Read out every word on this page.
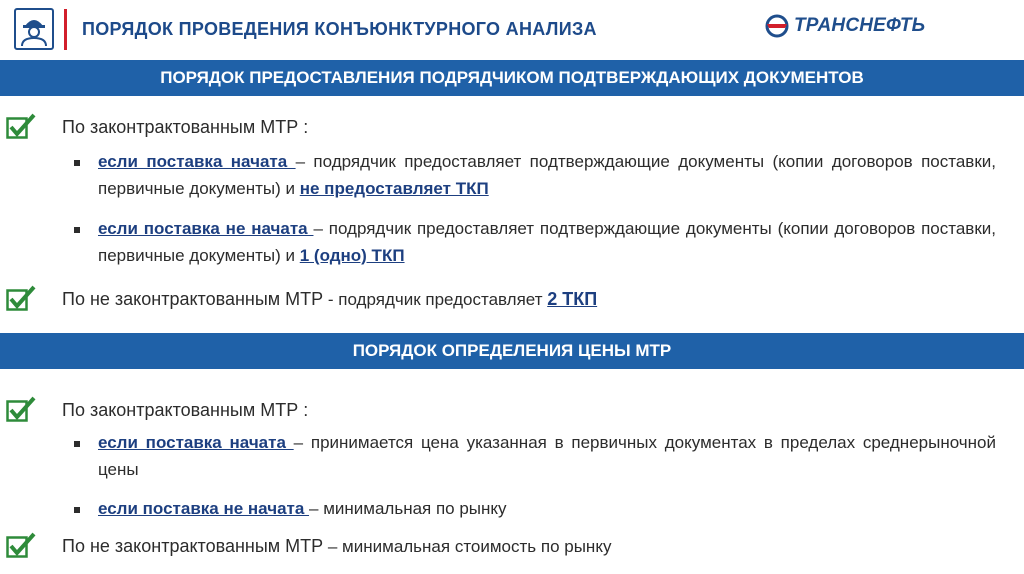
ПОРЯДОК ПРОВЕДЕНИЯ КОНЪЮНКТУРНОГО АНАЛИЗА	ТРАНСНЕФТЬ
ПОРЯДОК ПРЕДОСТАВЛЕНИЯ ПОДРЯДЧИКОМ ПОДТВЕРЖДАЮЩИХ ДОКУМЕНТОВ
По законтрактованным МТР :
если поставка начата – подрядчик предоставляет подтверждающие документы (копии договоров поставки, первичные документы) и не предоставляет ТКП
если поставка не начата – подрядчик предоставляет подтверждающие документы (копии договоров поставки, первичные документы) и 1 (одно) ТКП
По не законтрактованным МТР - подрядчик предоставляет 2 ТКП
ПОРЯДОК ОПРЕДЕЛЕНИЯ ЦЕНЫ МТР
По законтрактованным МТР :
если поставка начата – принимается цена указанная в первичных документах в пределах среднерыночной цены
если поставка не начата – минимальная по рынку
По не законтрактованным МТР – минимальная стоимость по рынку
